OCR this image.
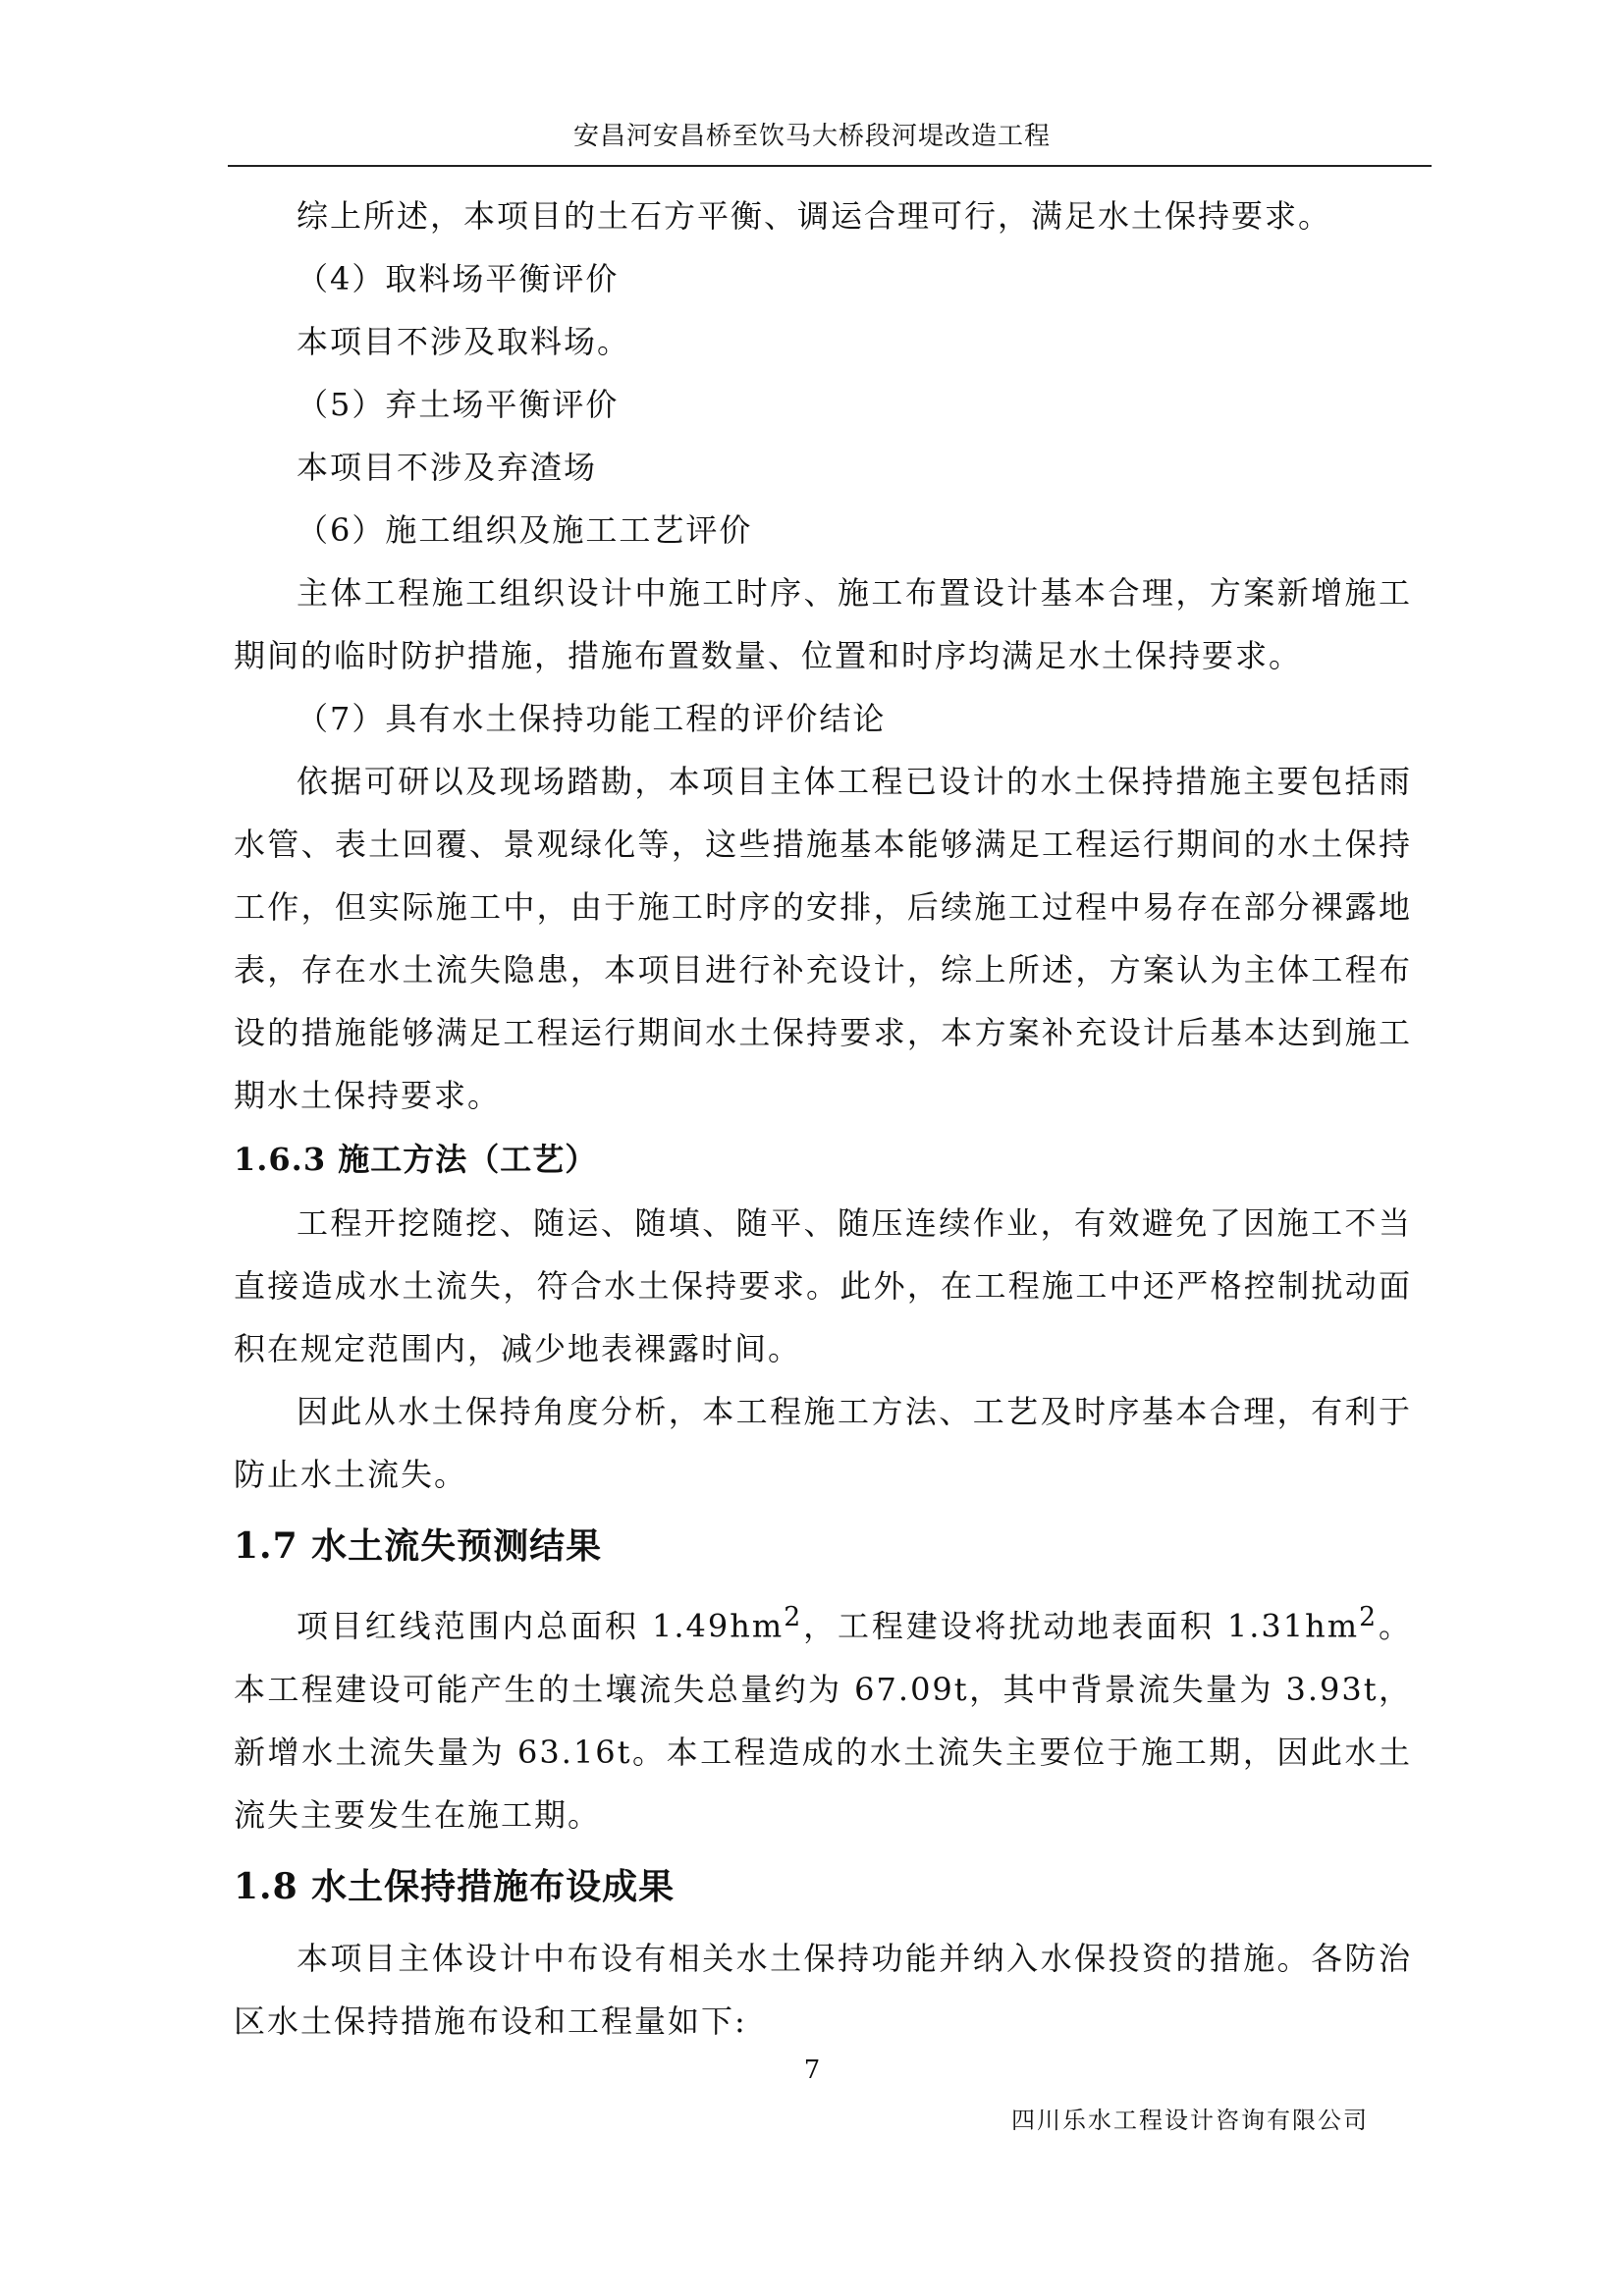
安昌河安昌桥至饮马大桥段河堤改造工程

综上所述，本项目的土石方平衡、调运合理可行，满足水土保持要求。

（4）取料场平衡评价

本项目不涉及取料场。

（5）弃土场平衡评价

本项目不涉及弃渣场

（6）施工组织及施工工艺评价

主体工程施工组织设计中施工时序、施工布置设计基本合理，方案新增施工期间的临时防护措施，措施布置数量、位置和时序均满足水土保持要求。

（7）具有水土保持功能工程的评价结论

依据可研以及现场踏勘，本项目主体工程已设计的水土保持措施主要包括雨水管、表土回覆、景观绿化等，这些措施基本能够满足工程运行期间的水土保持工作，但实际施工中，由于施工时序的安排，后续施工过程中易存在部分裸露地表，存在水土流失隐患，本项目进行补充设计，综上所述，方案认为主体工程布设的措施能够满足工程运行期间水土保持要求，本方案补充设计后基本达到施工期水土保持要求。

1.6.3 施工方法（工艺）

工程开挖随挖、随运、随填、随平、随压连续作业，有效避免了因施工不当直接造成水土流失，符合水土保持要求。此外，在工程施工中还严格控制扰动面积在规定范围内，减少地表裸露时间。

因此从水土保持角度分析，本工程施工方法、工艺及时序基本合理，有利于防止水土流失。

1.7 水土流失预测结果

项目红线范围内总面积 $1.49hm^2$，工程建设将扰动地表面积 $1.31hm^2$。本工程建设可能产生的土壤流失总量约为 67.09t，其中背景流失量为 3.93t，新增水土流失量为 63.16t。本工程造成的水土流失主要位于施工期，因此水土流失主要发生在施工期。

1.8 水土保持措施布设成果

本项目主体设计中布设有相关水土保持功能并纳入水保投资的措施。各防治区水土保持措施布设和工程量如下:

7
四川乐水工程设计咨询有限公司
